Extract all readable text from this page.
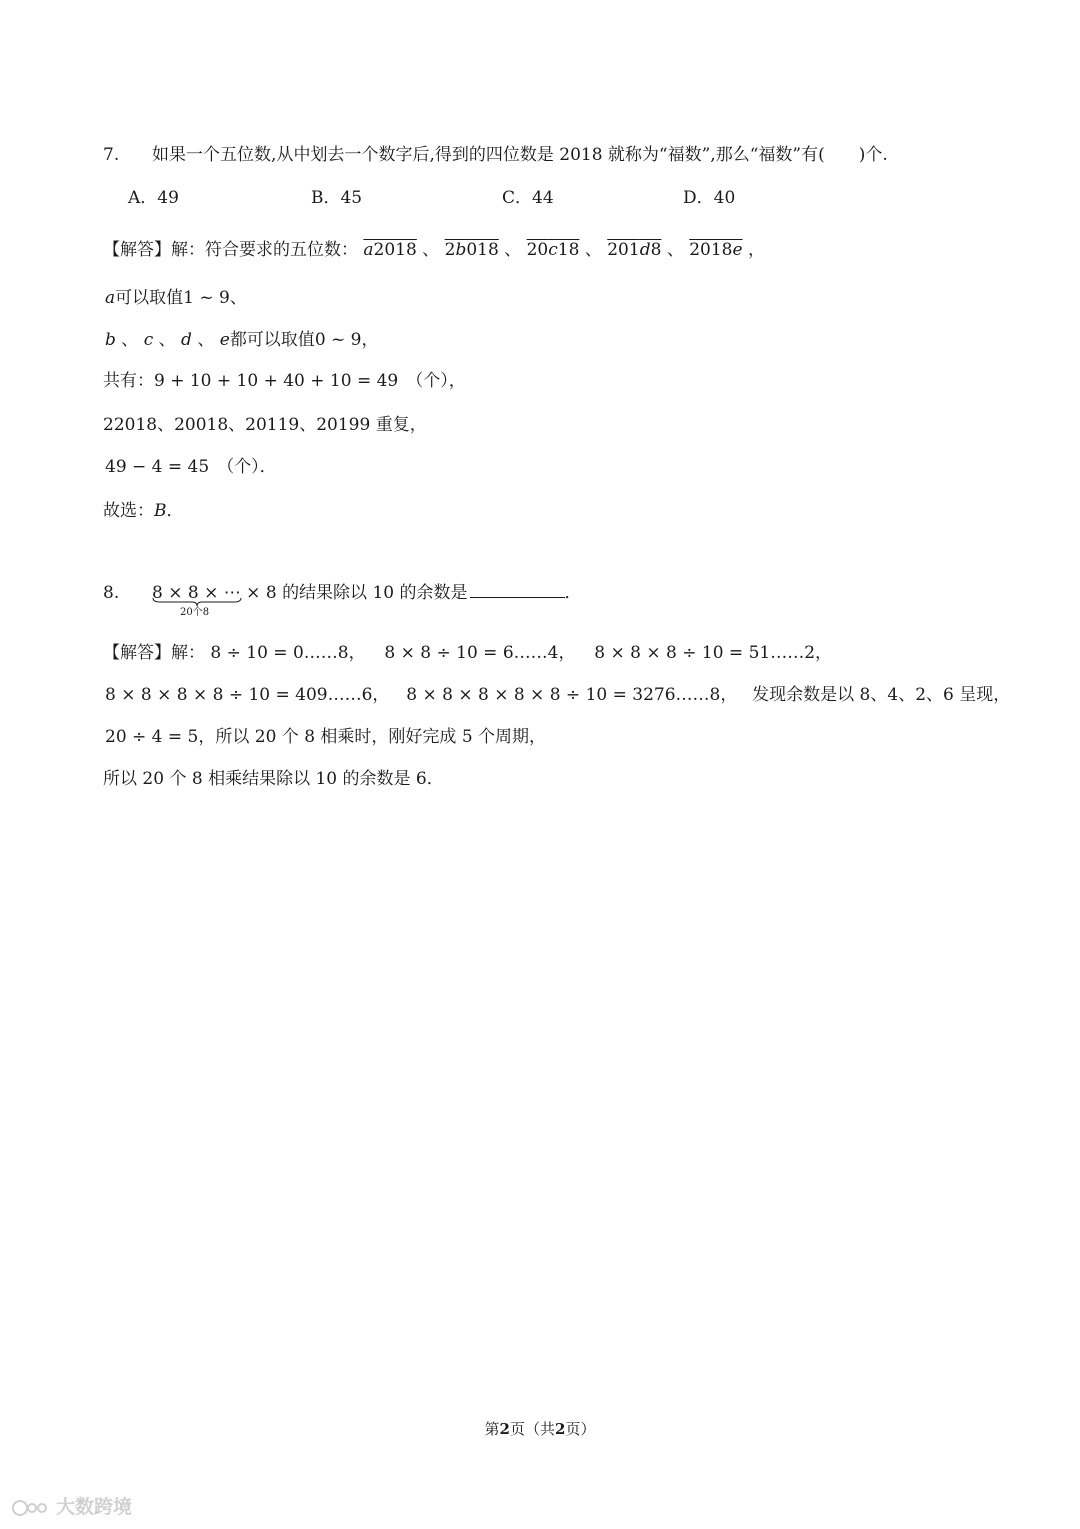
7. 如果一个五位数,从中划去一个数字后,得到的四位数是 2018 就称为“福数”,那么“福数”有(　　)个.
A．49	B．45	C．44	D．40
【解答】解：符合要求的五位数： a2018 、 2b018 、 20c18 、 201d8 、 2018e ，
a可以取值1 ~ 9、
b 、 c 、 d 、 e都可以取值0 ~ 9，
共有：9 + 10 + 10 + 40 + 10 = 49 （个），
22018、20018、20119、20199 重复，
49 − 4 = 45 （个）．
故选：B．
8. 8 × 8 × ⋯ × 8
20个8
的结果除以 10 的余数是	．
【解答】解： 8 ÷ 10 = 0……8， 8 × 8 ÷ 10 = 6……4， 8 × 8 × 8 ÷ 10 = 51……2，
8 × 8 × 8 × 8 ÷ 10 = 409……6， 8 × 8 × 8 × 8 × 8 ÷ 10 = 3276……8， 发现余数是以 8、4、2、6 呈现，
20 ÷ 4 = 5，所以 20 个 8 相乘时，刚好完成 5 个周期，
所以 20 个 8 相乘结果除以 10 的余数是 6．
第2页（共2页）
大数跨境
